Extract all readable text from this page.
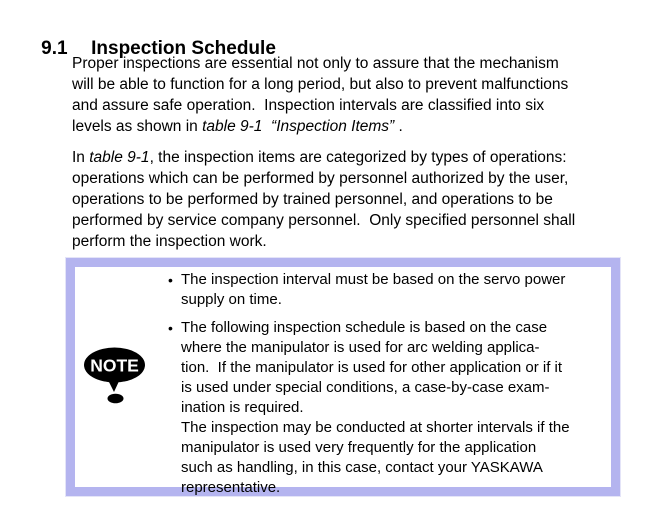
9.1 Inspection Schedule

Proper inspections are essential not only to assure that the mechanism
will be able to function for a long period, but also to prevent malfunctions
and assure safe operation.  Inspection intervals are classified into six
levels as shown in table 9-1  “Inspection Items” .
In table 9-1, the inspection items are categorized by types of operations:
operations which can be performed by personnel authorized by the user,
operations to be performed by trained personnel, and operations to be
performed by service company personnel.  Only specified personnel shall
perform the inspection work.
NOTE
• The inspection interval must be based on the servo power
supply on time.
• The following inspection schedule is based on the case
where the manipulator is used for arc welding applica-
tion.  If the manipulator is used for other application or if it
is used under special conditions, a case-by-case exam-
ination is required.
The inspection may be conducted at shorter intervals if the
manipulator is used very frequently for the application
such as handling, in this case, contact your YASKAWA
representative.
